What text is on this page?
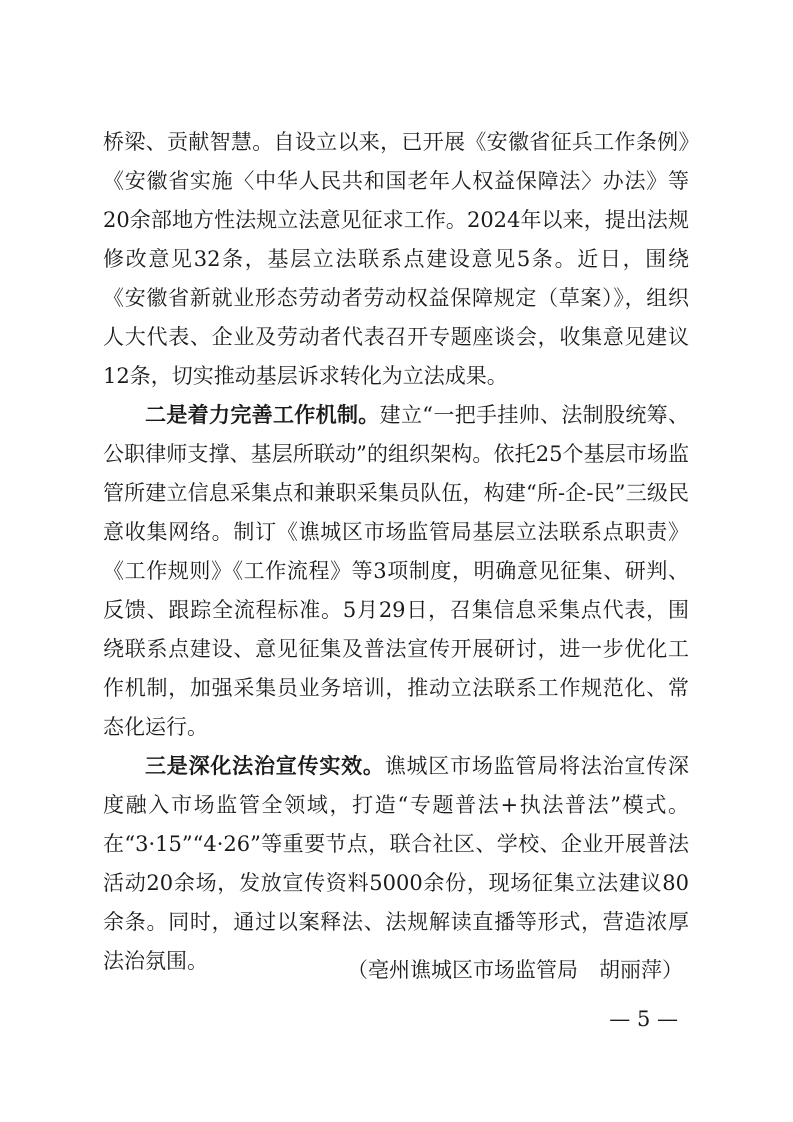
桥梁、贡献智慧。自设立以来，已开展《安徽省征兵工作条例》《安徽省实施〈中华人民共和国老年人权益保障法〉办法》等20余部地方性法规立法意见征求工作。2024年以来，提出法规修改意见32条，基层立法联系点建设意见5条。近日，围绕《安徽省新就业形态劳动者劳动权益保障规定（草案）》，组织人大代表、企业及劳动者代表召开专题座谈会，收集意见建议12条，切实推动基层诉求转化为立法成果。

二是着力完善工作机制。建立“一把手挂帅、法制股统筹、公职律师支撑、基层所联动”的组织架构。依托25个基层市场监管所建立信息采集点和兼职采集员队伍，构建“所-企-民”三级民意收集网络。制订《谯城区市场监管局基层立法联系点职责》《工作规则》《工作流程》等3项制度，明确意见征集、研判、反馈、跟踪全流程标准。5月29日，召集信息采集点代表，围绕联系点建设、意见征集及普法宣传开展研讨，进一步优化工作机制，加强采集员业务培训，推动立法联系工作规范化、常态化运行。

三是深化法治宣传实效。谯城区市场监管局将法治宣传深度融入市场监管全领域，打造“专题普法+执法普法”模式。在“3·15”“4·26”等重要节点，联合社区、学校、企业开展普法活动20余场，发放宣传资料5000余份，现场征集立法建议80余条。同时，通过以案释法、法规解读直播等形式，营造浓厚法治氛围。	（亳州谯城区市场监管局　胡丽萍）
— 5 —
